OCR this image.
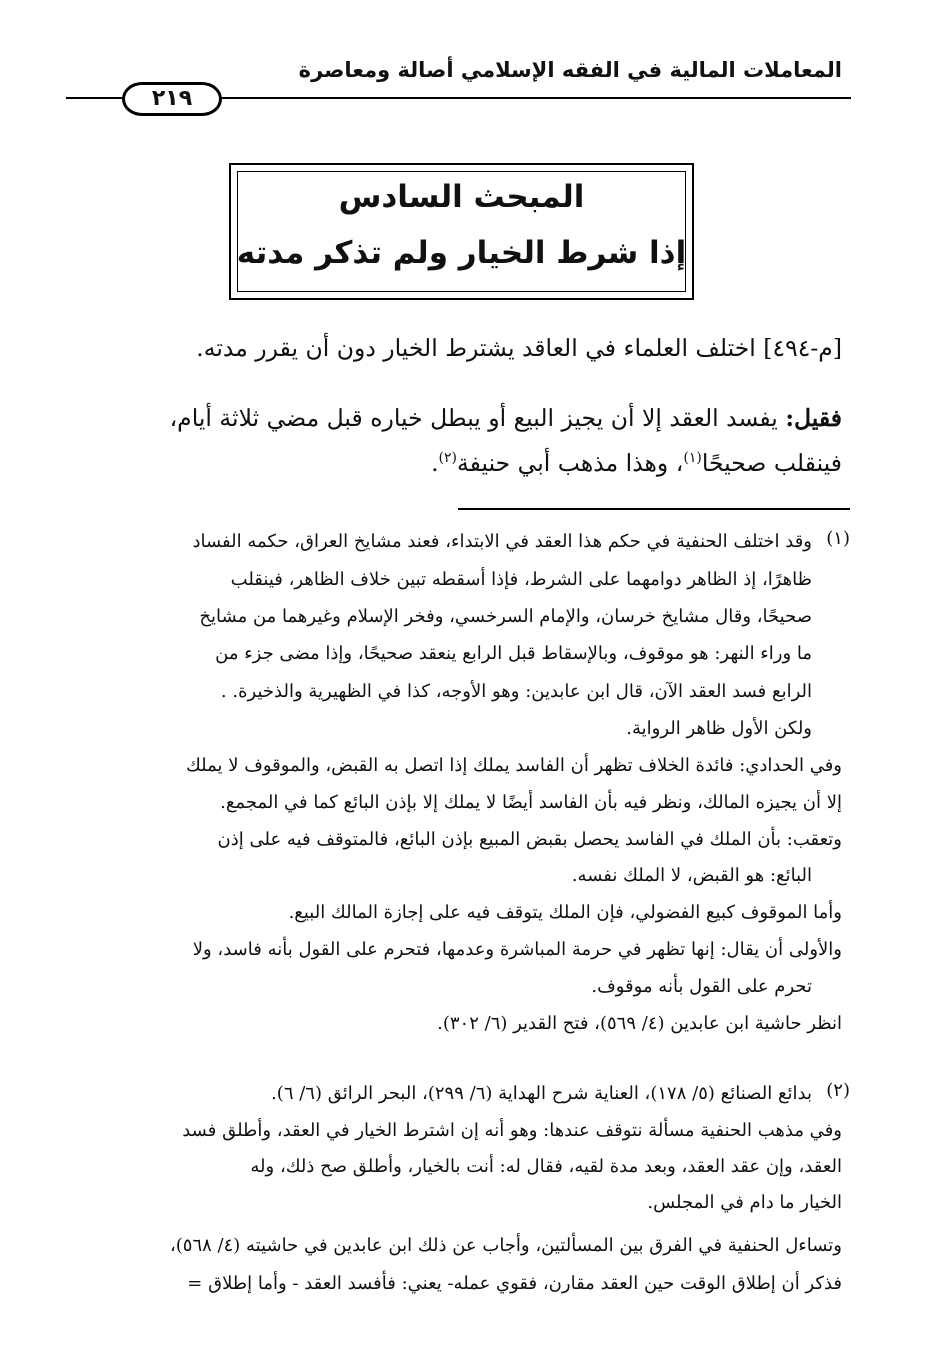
المعاملات المالية في الفقه الإسلامي أصالة ومعاصرة
٢١٩
المبحث السادس
إذا شرط الخيار ولم تذكر مدته
[م-٤٩٤] اختلف العلماء في العاقد يشترط الخيار دون أن يقرر مدته.
فقيل: يفسد العقد إلا أن يجيز البيع أو يبطل خياره قبل مضي ثلاثة أيام،
فينقلب صحيحًا$^{(١)}$، وهذا مذهب أبي حنيفة$^{(٢)}$.
(١)
(٢)
وقد اختلف الحنفية في حكم هذا العقد في الابتداء، فعند مشايخ العراق، حكمه الفساد
ظاهرًا، إذ الظاهر دوامهما على الشرط، فإذا أسقطه تبين خلاف الظاهر، فينقلب
صحيحًا، وقال مشايخ خرسان، والإمام السرخسي، وفخر الإسلام وغيرهما من مشايخ
ما وراء النهر: هو موقوف، وبالإسقاط قبل الرابع ينعقد صحيحًا، وإذا مضى جزء من
الرابع فسد العقد الآن، قال ابن عابدين: وهو الأوجه، كذا في الظهيرية والذخيرة. .
ولكن الأول ظاهر الرواية.
وفي الحدادي: فائدة الخلاف تظهر أن الفاسد يملك إذا اتصل به القبض، والموقوف لا يملك
إلا أن يجيزه المالك، ونظر فيه بأن الفاسد أيضًا لا يملك إلا بإذن البائع كما في المجمع.
وتعقب: بأن الملك في الفاسد يحصل بقبض المبيع بإذن البائع، فالمتوقف فيه على إذن
البائع: هو القبض، لا الملك نفسه.
وأما الموقوف كبيع الفضولي، فإن الملك يتوقف فيه على إجازة المالك البيع.
والأولى أن يقال: إنها تظهر في حرمة المباشرة وعدمها، فتحرم على القول بأنه فاسد، ولا
تحرم على القول بأنه موقوف.
انظر حاشية ابن عابدين (٤/ ٥٦٩)، فتح القدير (٦/ ٣٠٢).
بدائع الصنائع (٥/ ١٧٨)، العناية شرح الهداية (٦/ ٢٩٩)، البحر الرائق (٦/ ٦).
وفي مذهب الحنفية مسألة نتوقف عندها: وهو أنه إن اشترط الخيار في العقد، وأطلق فسد
العقد، وإن عقد العقد، وبعد مدة لقيه، فقال له: أنت بالخيار، وأطلق صح ذلك، وله
الخيار ما دام في المجلس.
وتساءل الحنفية في الفرق بين المسألتين، وأجاب عن ذلك ابن عابدين في حاشيته (٤/ ٥٦٨)،
فذكر أن إطلاق الوقت حين العقد مقارن، فقوي عمله- يعني: فأفسد العقد - وأما إطلاق =
